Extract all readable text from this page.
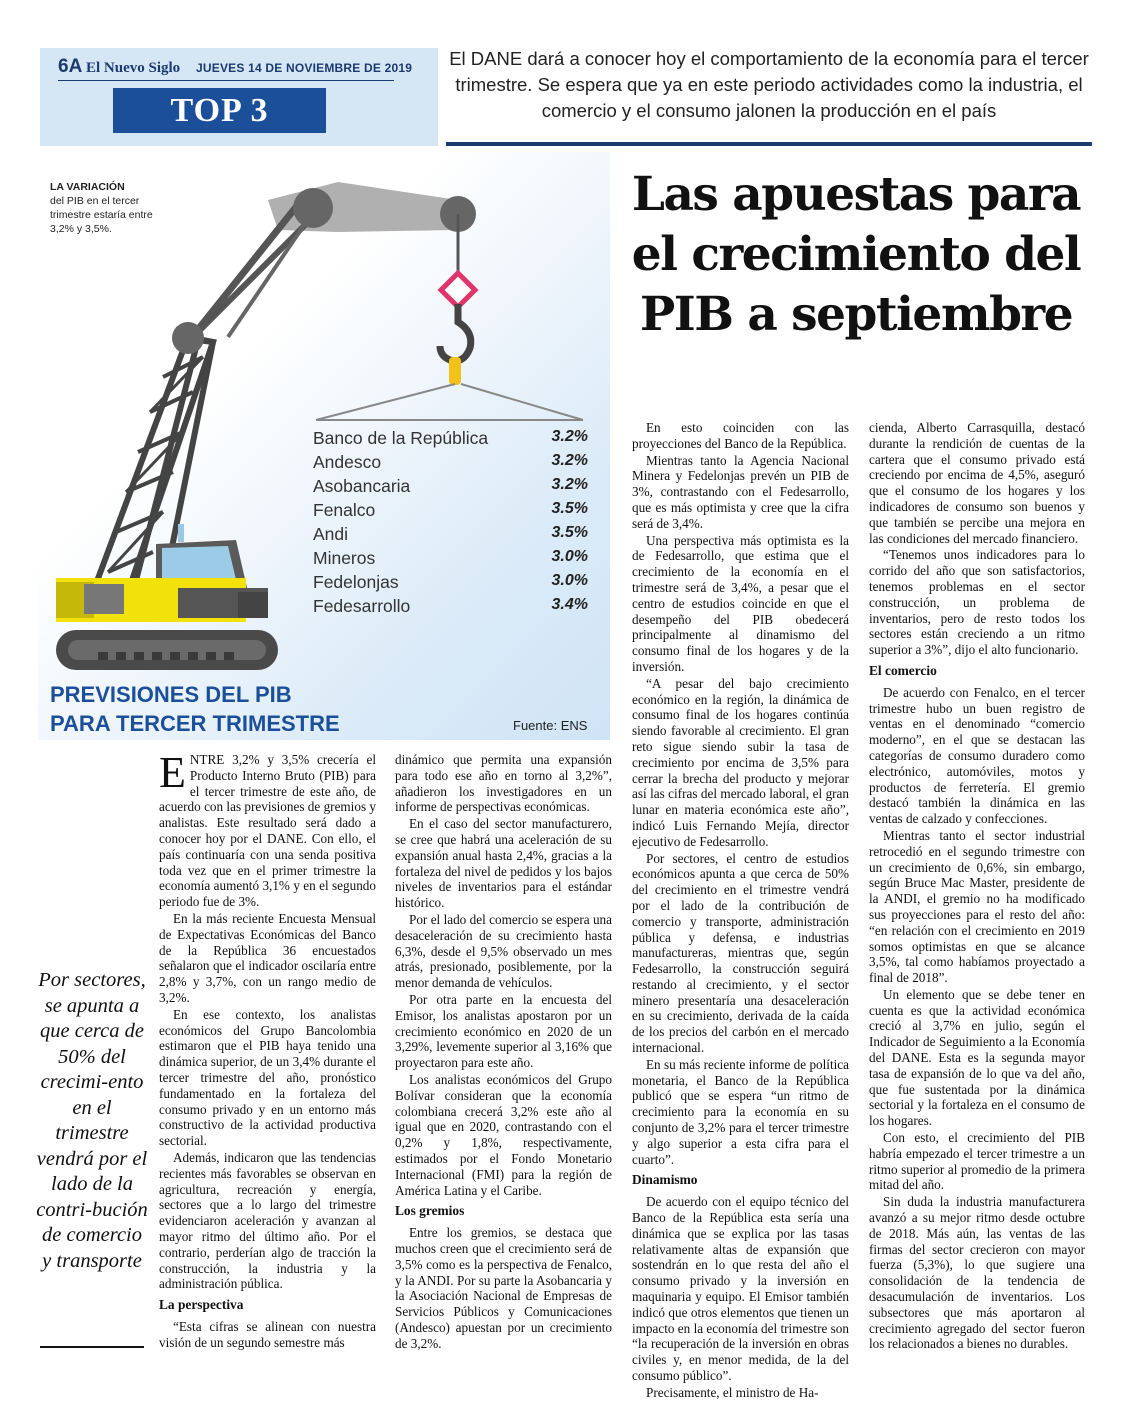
6A El Nuevo Siglo JUEVES 14 DE NOVIEMBRE DE 2019
TOP 3
El DANE dará a conocer hoy el comportamiento de la economía para el tercer trimestre. Se espera que ya en este periodo actividades como la industria, el comercio y el consumo jalonen la producción en el país
LA VARIACIÓN
del PIB en el tercer trimestre estaría entre 3,2% y 3,5%.
Banco de la República	3.2%
Andesco	3.2%
Asobancaria	3.2%
Fenalco	3.5%
Andi	3.5%
Mineros	3.0%
Fedelonjas	3.0%
Fedesarrollo	3.4%
PREVISIONES DEL PIB
PARA TERCER TRIMESTRE	Fuente: ENS
Las apuestas para el crecimiento del PIB a septiembre
Por sectores, se apunta a que cerca de 50% del crecimi-ento en el trimestre vendrá por el lado de la contri-bución de comercio y transporte

ENTRE 3,2% y 3,5% crecería el Producto Interno Bruto (PIB) para el tercer trimestre de este año, de acuerdo con las previsiones de gremios y analistas. Este resultado será dado a conocer hoy por el DANE. Con ello, el país continuaría con una senda positiva toda vez que en el primer trimestre la economía aumentó 3,1% y en el segundo periodo fue de 3%.

En la más reciente Encuesta Mensual de Expectativas Económicas del Banco de la República 36 encuestados señalaron que el indicador oscilaría entre 2,8% y 3,7%, con un rango medio de 3,2%.

En ese contexto, los analistas económicos del Grupo Bancolombia estimaron que el PIB haya tenido una dinámica superior, de un 3,4% durante el tercer trimestre del año, pronóstico fundamentado en la fortaleza del consumo privado y en un entorno más constructivo de la actividad productiva sectorial.

Además, indicaron que las tendencias recientes más favorables se observan en agricultura, recreación y energía, sectores que a lo largo del trimestre evidenciaron aceleración y avanzan al mayor ritmo del último año. Por el contrario, perderían algo de tracción la construcción, la industria y la administración pública.

La perspectiva

“Esta cifras se alinean con nuestra visión de un segundo semestre más

dinámico que permita una expansión para todo ese año en torno al 3,2%”, añadieron los investigadores en un informe de perspectivas económicas.

En el caso del sector manufacturero, se cree que habrá una aceleración de su expansión anual hasta 2,4%, gracias a la fortaleza del nivel de pedidos y los bajos niveles de inventarios para el estándar histórico.

Por el lado del comercio se espera una desaceleración de su crecimiento hasta 6,3%, desde el 9,5% observado un mes atrás, presionado, posiblemente, por la menor demanda de vehículos.

Por otra parte en la encuesta del Emisor, los analistas apostaron por un crecimiento económico en 2020 de un 3,29%, levemente superior al 3,16% que proyectaron para este año.

Los analistas económicos del Grupo Bolívar consideran que la economía colombiana crecerá 3,2% este año al igual que en 2020, contrastando con el 0,2% y 1,8%, respectivamente, estimados por el Fondo Monetario Internacional (FMI) para la región de América Latina y el Caribe.

Los gremios

Entre los gremios, se destaca que muchos creen que el crecimiento será de 3,5% como es la perspectiva de Fenalco, y la ANDI. Por su parte la Asobancaria y la Asociación Nacional de Empresas de Servicios Públicos y Comunicaciones (Andesco) apuestan por un crecimiento de 3,2%.

En esto coinciden con las proyecciones del Banco de la República.

Mientras tanto la Agencia Nacional Minera y Fedelonjas prevén un PIB de 3%, contrastando con el Fedesarrollo, que es más optimista y cree que la cifra será de 3,4%.

Una perspectiva más optimista es la de Fedesarrollo, que estima que el crecimiento de la economía en el trimestre será de 3,4%, a pesar que el centro de estudios coincide en que el desempeño del PIB obedecerá principalmente al dinamismo del consumo final de los hogares y de la inversión.

“A pesar del bajo crecimiento económico en la región, la dinámica de consumo final de los hogares continúa siendo favorable al crecimiento. El gran reto sigue siendo subir la tasa de crecimiento por encima de 3,5% para cerrar la brecha del producto y mejorar así las cifras del mercado laboral, el gran lunar en materia económica este año”, indicó Luis Fernando Mejía, director ejecutivo de Fedesarrollo.

Por sectores, el centro de estudios económicos apunta a que cerca de 50% del crecimiento en el trimestre vendrá por el lado de la contribución de comercio y transporte, administración pública y defensa, e industrias manufactureras, mientras que, según Fedesarrollo, la construcción seguirá restando al crecimiento, y el sector minero presentaría una desaceleración en su crecimiento, derivada de la caída de los precios del carbón en el mercado internacional.

En su más reciente informe de política monetaria, el Banco de la República publicó que se espera “un ritmo de crecimiento para la economía en su conjunto de 3,2% para el tercer trimestre y algo superior a esta cifra para el cuarto”.

Dinamismo

De acuerdo con el equipo técnico del Banco de la República esta sería una dinámica que se explica por las tasas relativamente altas de expansión que sostendrán en lo que resta del año el consumo privado y la inversión en maquinaria y equipo. El Emisor también indicó que otros elementos que tienen un impacto en la economía del trimestre son “la recuperación de la inversión en obras civiles y, en menor medida, de la del consumo público”.

Precisamente, el ministro de Ha-

cienda, Alberto Carrasquilla, destacó durante la rendición de cuentas de la cartera que el consumo privado está creciendo por encima de 4,5%, aseguró que el consumo de los hogares y los indicadores de consumo son buenos y que también se percibe una mejora en las condiciones del mercado financiero.

“Tenemos unos indicadores para lo corrido del año que son satisfactorios, tenemos problemas en el sector construcción, un problema de inventarios, pero de resto todos los sectores están creciendo a un ritmo superior a 3%”, dijo el alto funcionario.

El comercio

De acuerdo con Fenalco, en el tercer trimestre hubo un buen registro de ventas en el denominado “comercio moderno”, en el que se destacan las categorías de consumo duradero como electrónico, automóviles, motos y productos de ferretería. El gremio destacó también la dinámica en las ventas de calzado y confecciones.

Mientras tanto el sector industrial retrocedió en el segundo trimestre con un crecimiento de 0,6%, sin embargo, según Bruce Mac Master, presidente de la ANDI, el gremio no ha modificado sus proyecciones para el resto del año: “en relación con el crecimiento en 2019 somos optimistas en que se alcance 3,5%, tal como habíamos proyectado a final de 2018”.

Un elemento que se debe tener en cuenta es que la actividad económica creció al 3,7% en julio, según el Indicador de Seguimiento a la Economía del DANE. Esta es la segunda mayor tasa de expansión de lo que va del año, que fue sustentada por la dinámica sectorial y la fortaleza en el consumo de los hogares.

Con esto, el crecimiento del PIB habría empezado el tercer trimestre a un ritmo superior al promedio de la primera mitad del año.

Sin duda la industria manufacturera avanzó a su mejor ritmo desde octubre de 2018. Más aún, las ventas de las firmas del sector crecieron con mayor fuerza (5,3%), lo que sugiere una consolidación de la tendencia de desacumulación de inventarios. Los subsectores que más aportaron al crecimiento agregado del sector fueron los relacionados a bienes no durables.
